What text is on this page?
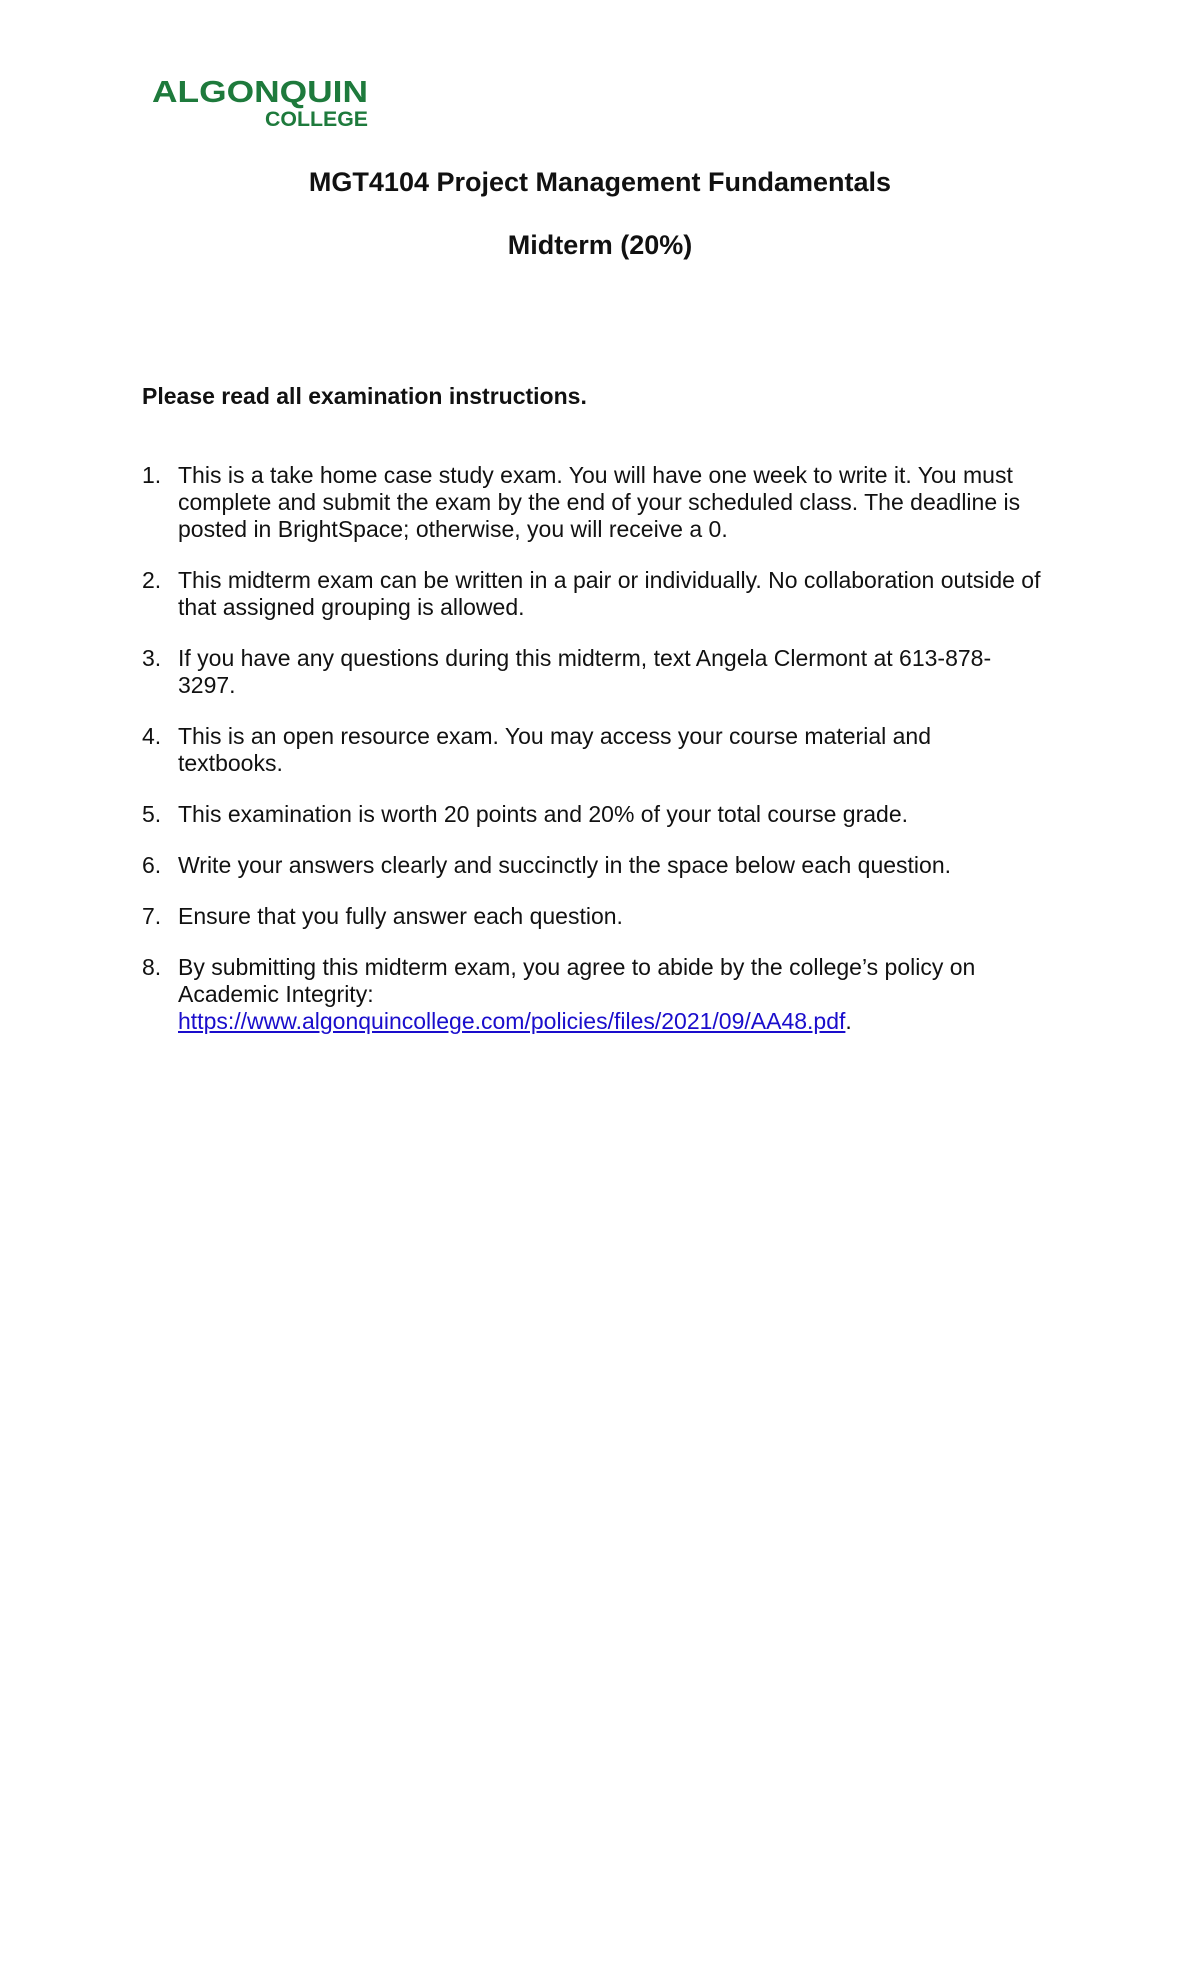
ALGONQUIN
COLLEGE
MGT4104 Project Management Fundamentals
Midterm (20%)
Please read all examination instructions.
1. This is a take home case study exam. You will have one week to write it. You must complete and submit the exam by the end of your scheduled class. The deadline is posted in BrightSpace; otherwise, you will receive a 0.
2. This midterm exam can be written in a pair or individually. No collaboration outside of that assigned grouping is allowed.
3. If you have any questions during this midterm, text Angela Clermont at 613-878-3297.
4. This is an open resource exam. You may access your course material and textbooks.
5. This examination is worth 20 points and 20% of your total course grade.
6. Write your answers clearly and succinctly in the space below each question.
7. Ensure that you fully answer each question.
8. By submitting this midterm exam, you agree to abide by the college’s policy on Academic Integrity:
https://www.algonquincollege.com/policies/files/2021/09/AA48.pdf.
